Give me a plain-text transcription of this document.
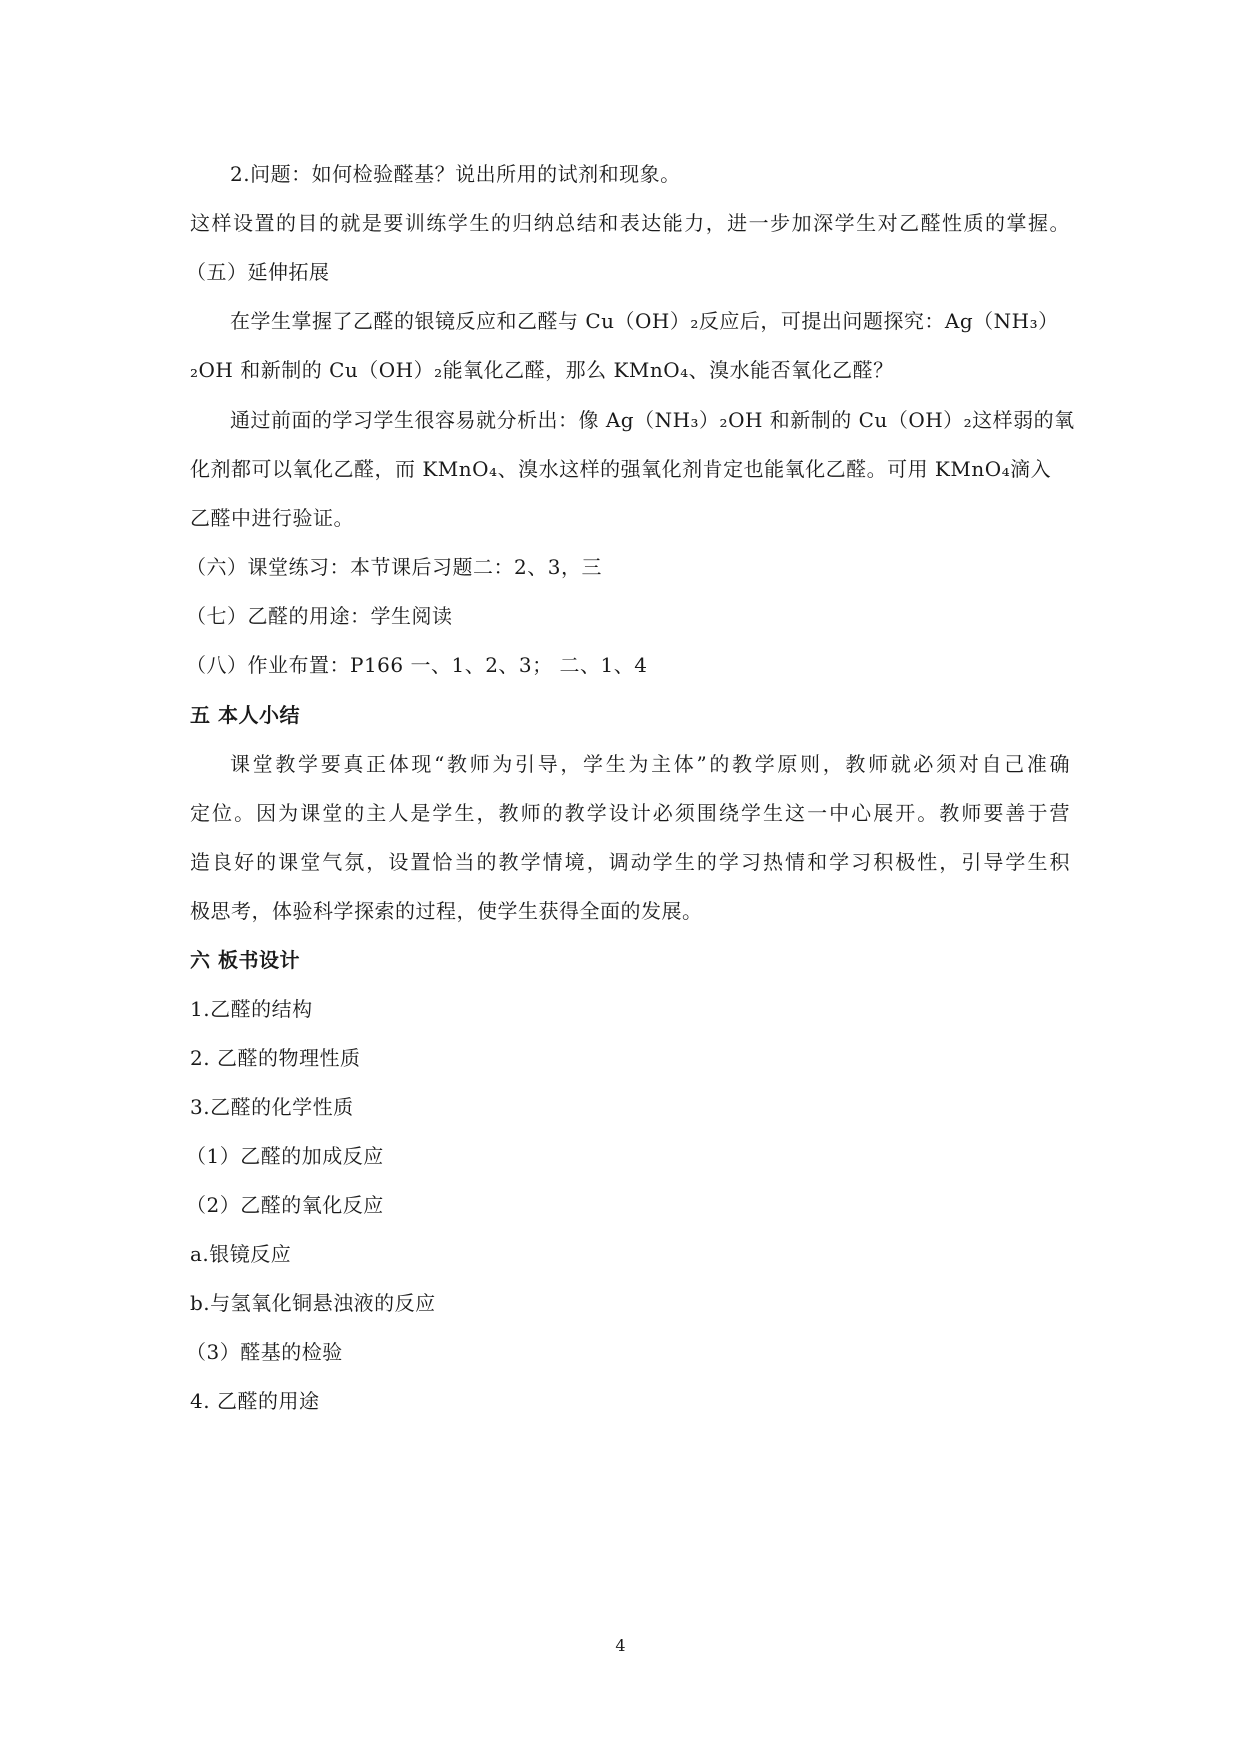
2.问题：如何检验醛基？说出所用的试剂和现象。
这样设置的目的就是要训练学生的归纳总结和表达能力，进一步加深学生对乙醛性质的掌握。
（五）延伸拓展
在学生掌握了乙醛的银镜反应和乙醛与 Cu（OH）₂反应后，可提出问题探究：Ag（NH₃）
₂OH 和新制的 Cu（OH）₂能氧化乙醛，那么 KMnO₄、溴水能否氧化乙醛？
通过前面的学习学生很容易就分析出：像 Ag（NH₃）₂OH 和新制的 Cu（OH）₂这样弱的氧
化剂都可以氧化乙醛，而 KMnO₄、溴水这样的强氧化剂肯定也能氧化乙醛。可用 KMnO₄滴入
乙醛中进行验证。
（六）课堂练习：本节课后习题二：2、3，三
（七）乙醛的用途：学生阅读
（八）作业布置：P166 一、1、2、3； 二、1、4
五 本人小结
课堂教学要真正体现“教师为引导，学生为主体”的教学原则，教师就必须对自己准确
定位。因为课堂的主人是学生，教师的教学设计必须围绕学生这一中心展开。教师要善于营
造良好的课堂气氛，设置恰当的教学情境，调动学生的学习热情和学习积极性，引导学生积
极思考，体验科学探索的过程，使学生获得全面的发展。
六 板书设计
1.乙醛的结构
2. 乙醛的物理性质
3.乙醛的化学性质
（1）乙醛的加成反应
（2）乙醛的氧化反应
a.银镜反应
b.与氢氧化铜悬浊液的反应
（3）醛基的检验
4. 乙醛的用途
4
